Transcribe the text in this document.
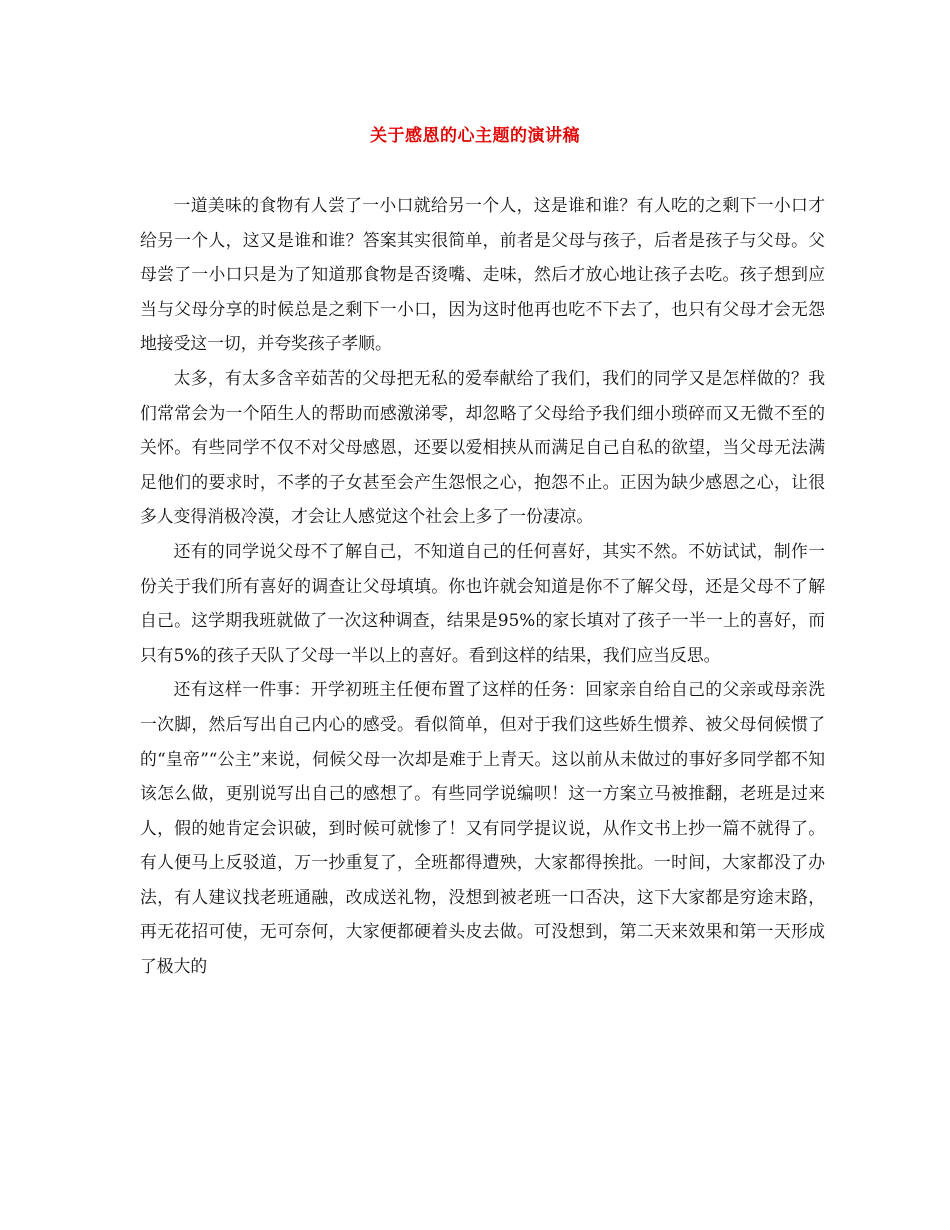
关于感恩的心主题的演讲稿

一道美味的食物有人尝了一小口就给另一个人，这是谁和谁？有人吃的之剩下一小口才给另一个人，这又是谁和谁？答案其实很简单，前者是父母与孩子，后者是孩子与父母。父母尝了一小口只是为了知道那食物是否烫嘴、走味，然后才放心地让孩子去吃。孩子想到应当与父母分享的时候总是之剩下一小口，因为这时他再也吃不下去了，也只有父母才会无怨地接受这一切，并夸奖孩子孝顺。

太多，有太多含辛茹苦的父母把无私的爱奉献给了我们，我们的同学又是怎样做的？我们常常会为一个陌生人的帮助而感激涕零，却忽略了父母给予我们细小琐碎而又无微不至的关怀。有些同学不仅不对父母感恩，还要以爱相挟从而满足自己自私的欲望，当父母无法满足他们的要求时，不孝的子女甚至会产生怨恨之心，抱怨不止。正因为缺少感恩之心，让很多人变得消极冷漠，才会让人感觉这个社会上多了一份凄凉。

还有的同学说父母不了解自己，不知道自己的任何喜好，其实不然。不妨试试，制作一份关于我们所有喜好的调查让父母填填。你也许就会知道是你不了解父母，还是父母不了解自己。这学期我班就做了一次这种调查，结果是95%的家长填对了孩子一半一上的喜好，而只有5%的孩子天队了父母一半以上的喜好。看到这样的结果，我们应当反思。

还有这样一件事：开学初班主任便布置了这样的任务：回家亲自给自己的父亲或母亲洗一次脚，然后写出自己内心的感受。看似简单，但对于我们这些娇生惯养、被父母伺候惯了的“皇帝”“公主”来说，伺候父母一次却是难于上青天。这以前从未做过的事好多同学都不知该怎么做，更别说写出自己的感想了。有些同学说编呗！这一方案立马被推翻，老班是过来人，假的她肯定会识破，到时候可就惨了！又有同学提议说，从作文书上抄一篇不就得了。有人便马上反驳道，万一抄重复了，全班都得遭殃，大家都得挨批。一时间，大家都没了办法，有人建议找老班通融，改成送礼物，没想到被老班一口否决，这下大家都是穷途末路，再无花招可使，无可奈何，大家便都硬着头皮去做。可没想到，第二天来效果和第一天形成了极大的
